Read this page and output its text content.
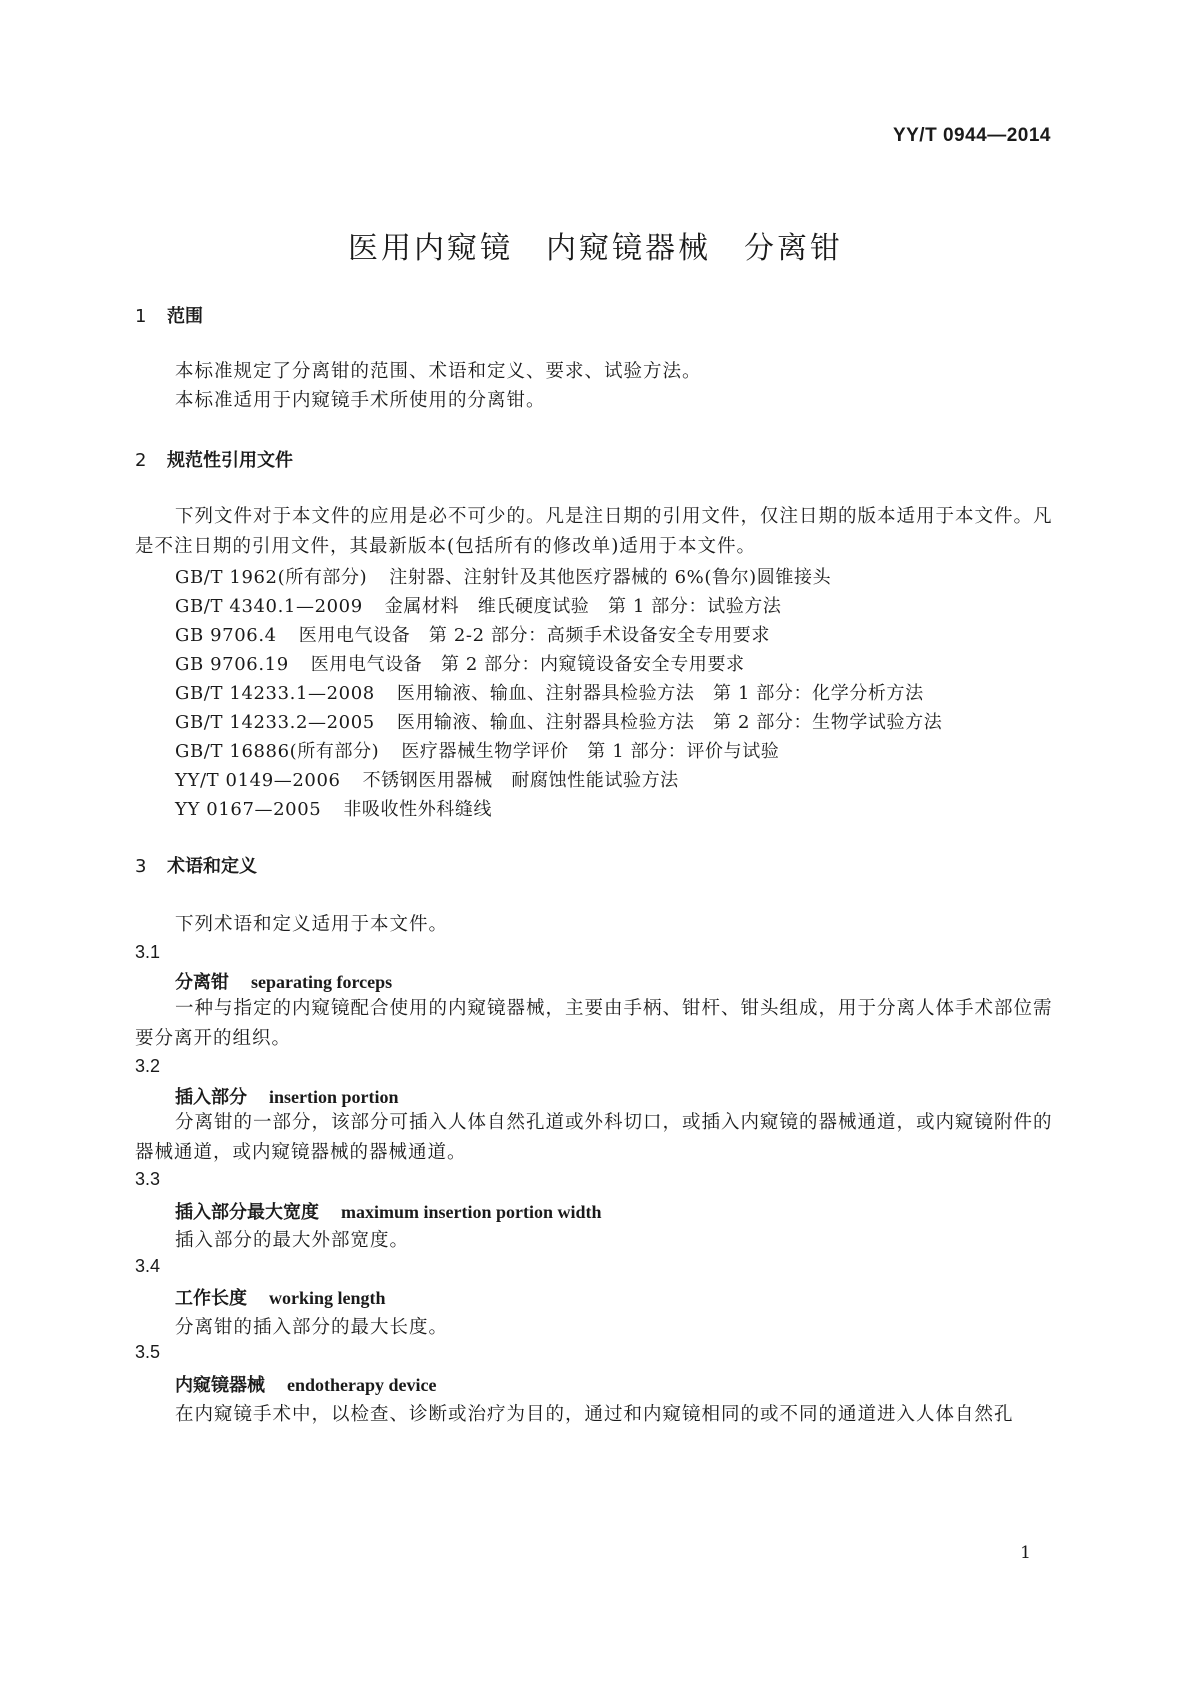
YY/T 0944—2014
医用内窥镜　内窥镜器械　分离钳
1 范围
本标准规定了分离钳的范围、术语和定义、要求、试验方法。
本标准适用于内窥镜手术所使用的分离钳。
2 规范性引用文件
下列文件对于本文件的应用是必不可少的。凡是注日期的引用文件，仅注日期的版本适用于本文件。凡是不注日期的引用文件，其最新版本(包括所有的修改单)适用于本文件。
GB/T 1962(所有部分) 注射器、注射针及其他医疗器械的 6%(鲁尔)圆锥接头
GB/T 4340.1—2009 金属材料　维氏硬度试验　第 1 部分：试验方法
GB 9706.4 医用电气设备　第 2-2 部分：高频手术设备安全专用要求
GB 9706.19 医用电气设备　第 2 部分：内窥镜设备安全专用要求
GB/T 14233.1—2008 医用输液、输血、注射器具检验方法　第 1 部分：化学分析方法
GB/T 14233.2—2005 医用输液、输血、注射器具检验方法　第 2 部分：生物学试验方法
GB/T 16886(所有部分) 医疗器械生物学评价　第 1 部分：评价与试验
YY/T 0149—2006 不锈钢医用器械　耐腐蚀性能试验方法
YY 0167—2005 非吸收性外科缝线
3 术语和定义
下列术语和定义适用于本文件。
3.1
分离钳 separating forceps
一种与指定的内窥镜配合使用的内窥镜器械，主要由手柄、钳杆、钳头组成，用于分离人体手术部位需要分离开的组织。
3.2
插入部分 insertion portion
分离钳的一部分，该部分可插入人体自然孔道或外科切口，或插入内窥镜的器械通道，或内窥镜附件的器械通道，或内窥镜器械的器械通道。
3.3
插入部分最大宽度 maximum insertion portion width
插入部分的最大外部宽度。
3.4
工作长度 working length
分离钳的插入部分的最大长度。
3.5
内窥镜器械 endotherapy device
在内窥镜手术中，以检查、诊断或治疗为目的，通过和内窥镜相同的或不同的通道进入人体自然孔
1
